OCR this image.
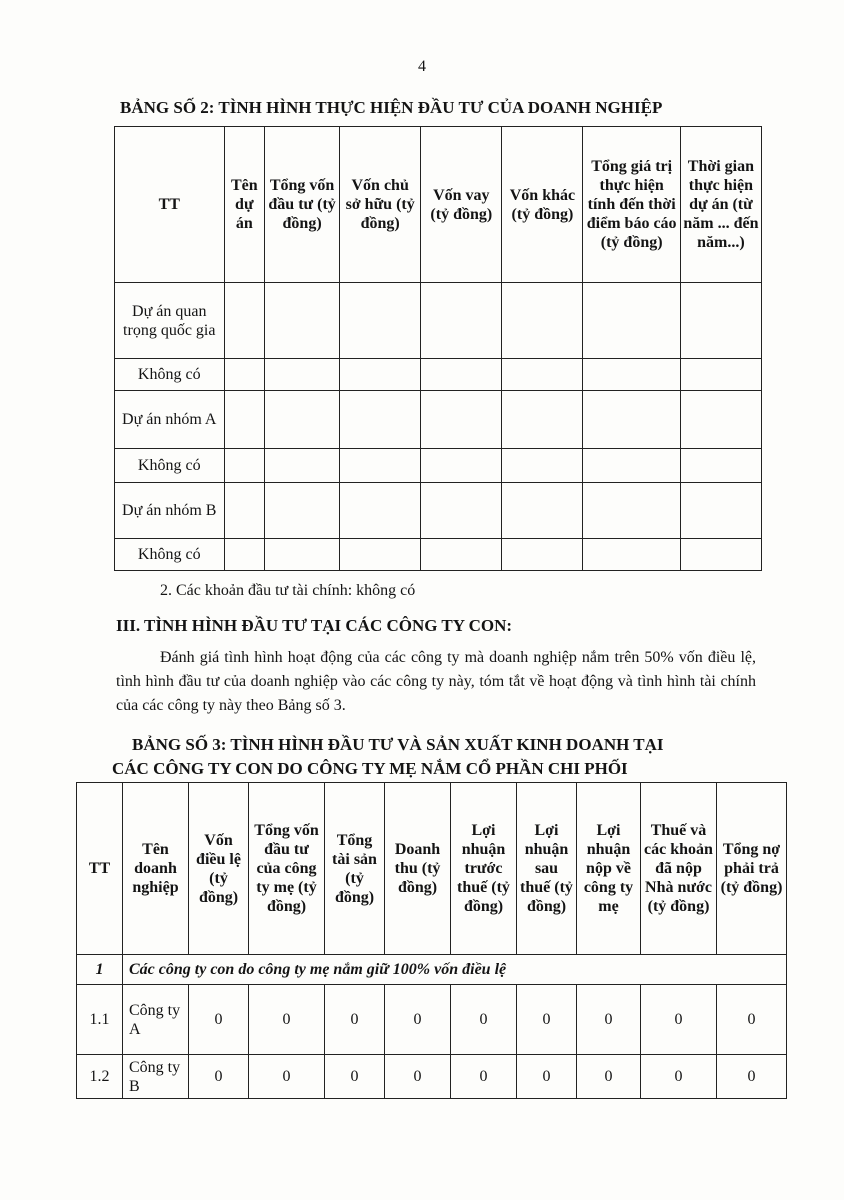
4
BẢNG SỐ 2: TÌNH HÌNH THỰC HIỆN ĐẦU TƯ CỦA DOANH NGHIỆP
TT	Tên dự án	Tổng vốn đầu tư (tỷ đồng)	Vốn chủ sở hữu (tỷ đồng)	Vốn vay (tỷ đồng)	Vốn khác (tỷ đồng)	Tổng giá trị thực hiện tính đến thời điểm báo cáo (tỷ đồng)	Thời gian thực hiện dự án (từ năm ... đến năm...)
Dự án quan trọng quốc gia							
Không có							
Dự án nhóm A							
Không có							
Dự án nhóm B							
Không có							
2. Các khoản đầu tư tài chính: không có
III. TÌNH HÌNH ĐẦU TƯ TẠI CÁC CÔNG TY CON:
Đánh giá tình hình hoạt động của các công ty mà doanh nghiệp nắm trên 50% vốn điều lệ, tình hình đầu tư của doanh nghiệp vào các công ty này, tóm tắt về hoạt động và tình hình tài chính của các công ty này theo Bảng số 3.
BẢNG SỐ 3: TÌNH HÌNH ĐẦU TƯ VÀ SẢN XUẤT KINH DOANH TẠI
CÁC CÔNG TY CON DO CÔNG TY MẸ NẮM CỔ PHẦN CHI PHỐI
TT	Tên doanh nghiệp	Vốn điều lệ (tỷ đồng)	Tổng vốn đầu tư của công ty mẹ (tỷ đồng)	Tổng tài sản (tỷ đồng)	Doanh thu (tỷ đồng)	Lợi nhuận trước thuế (tỷ đồng)	Lợi nhuận sau thuế (tỷ đồng)	Lợi nhuận nộp về công ty mẹ	Thuế và các khoản đã nộp Nhà nước (tỷ đồng)	Tổng nợ phải trả (tỷ đồng)
1	Các công ty con do công ty mẹ nắm giữ 100% vốn điều lệ									
1.1	Công ty A	0	0	0	0	0	0	0	0	0
1.2	Công ty B	0	0	0	0	0	0	0	0	0
